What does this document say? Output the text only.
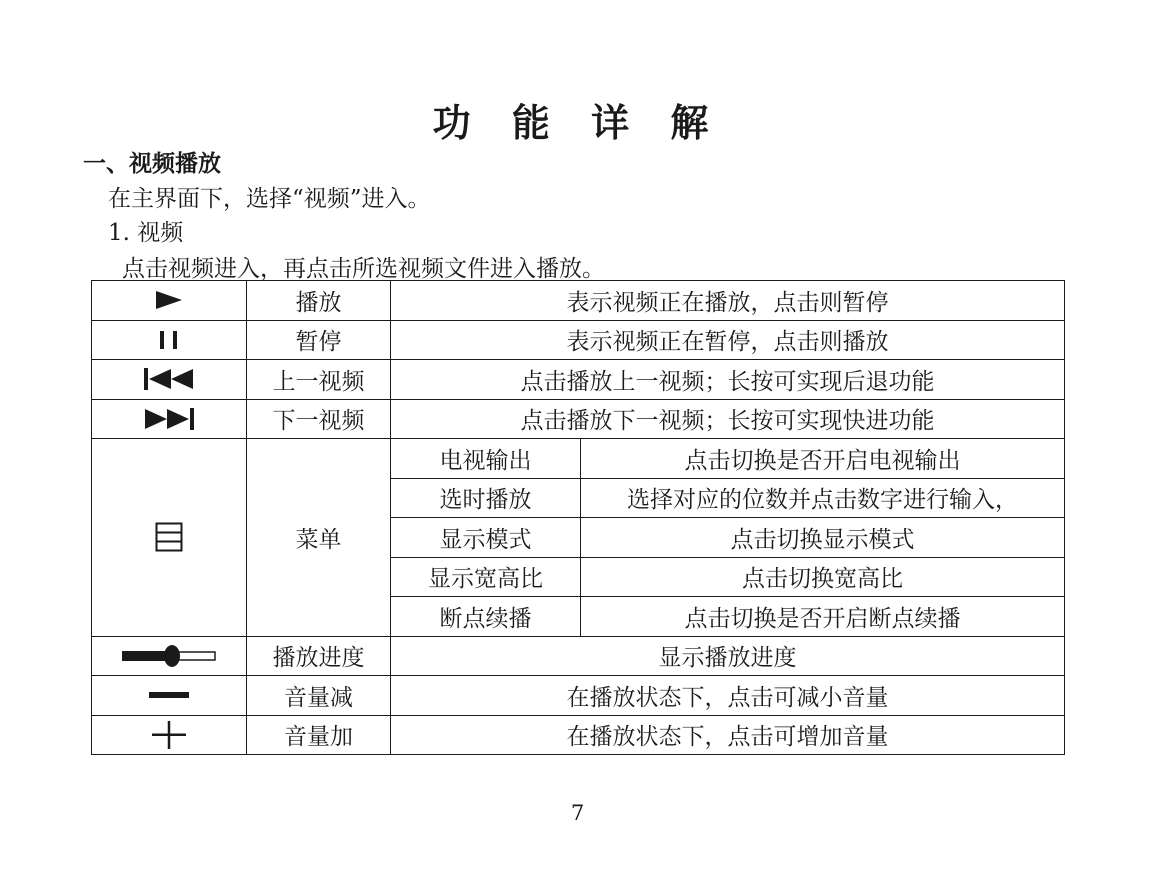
功 能 详 解
一、视频播放
在主界面下，选择“视频”进入。
1. 视频
点击视频进入，再点击所选视频文件进入播放。
	播放	表示视频正在播放，点击则暂停	

	暂停	表示视频正在暂停，点击则播放	

	上一视频	点击播放上一视频；长按可实现后退功能	

	下一视频	点击播放下一视频；长按可实现快进功能	

	菜单	电视输出	点击切换是否开启电视输出
		选时播放	选择对应的位数并点击数字进行输入，
		显示模式	点击切换显示模式
		显示宽高比	点击切换宽高比
		断点续播	点击切换是否开启断点续播

	播放进度	显示播放进度	

	音量减	在播放状态下，点击可减小音量	

	音量加	在播放状态下，点击可增加音量	
7
